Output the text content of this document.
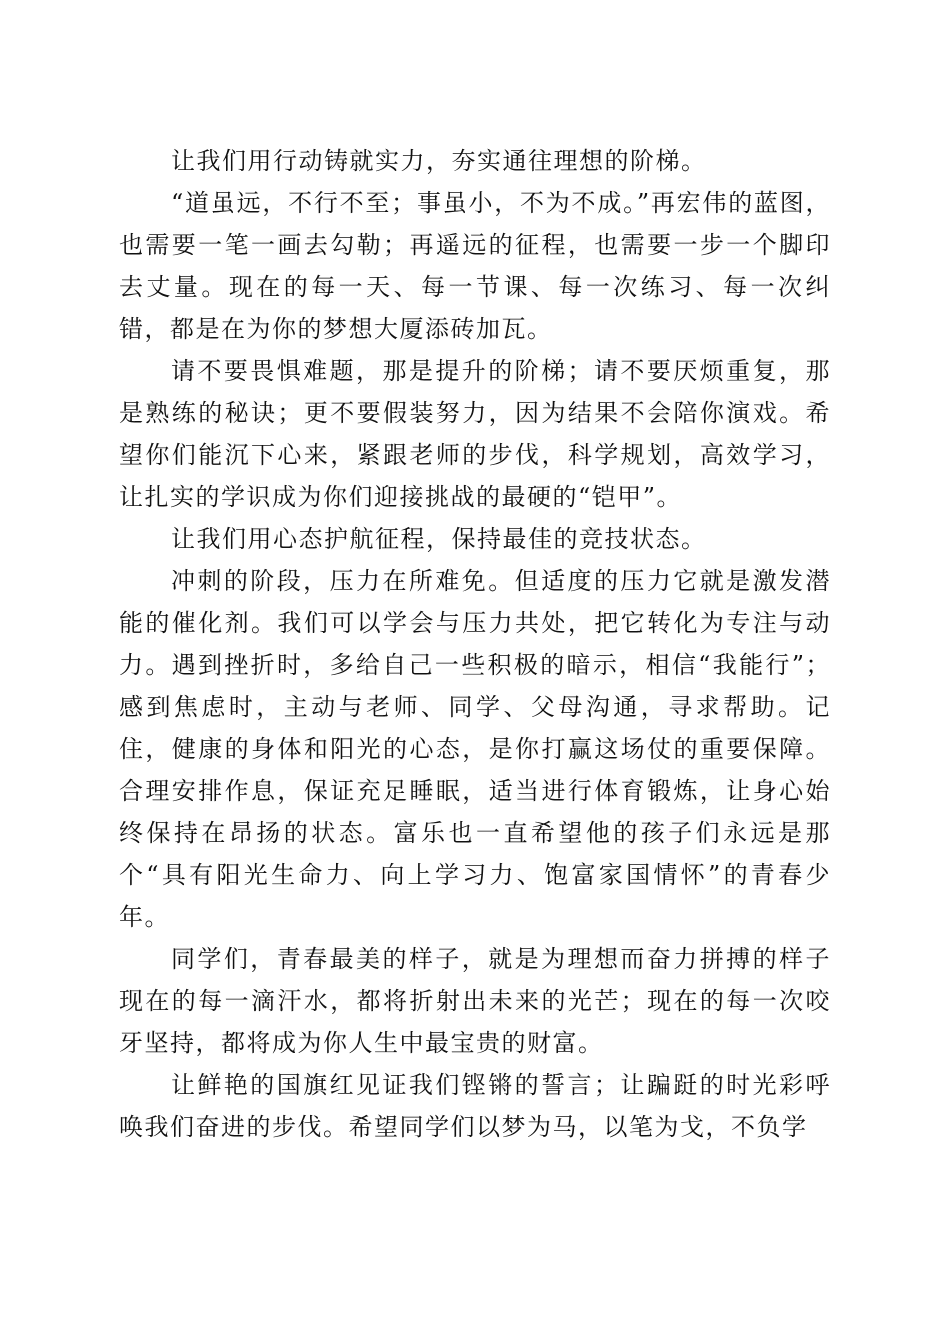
让我们用行动铸就实力，夯实通往理想的阶梯。

“道虽远，不行不至；事虽小，不为不成。”再宏伟的蓝图，也需要一笔一画去勾勒；再遥远的征程，也需要一步一个脚印去丈量。现在的每一天、每一节课、每一次练习、每一次纠错，都是在为你的梦想大厦添砖加瓦。

请不要畏惧难题，那是提升的阶梯；请不要厌烦重复，那是熟练的秘诀；更不要假装努力，因为结果不会陪你演戏。希望你们能沉下心来，紧跟老师的步伐，科学规划，高效学习，让扎实的学识成为你们迎接挑战的最硬的“铠甲”。

让我们用心态护航征程，保持最佳的竞技状态。

冲刺的阶段，压力在所难免。但适度的压力它就是激发潜能的催化剂。我们可以学会与压力共处，把它转化为专注与动力。遇到挫折时，多给自己一些积极的暗示，相信“我能行”；感到焦虑时，主动与老师、同学、父母沟通，寻求帮助。记住，健康的身体和阳光的心态，是你打赢这场仗的重要保障。合理安排作息，保证充足睡眠，适当进行体育锻炼，让身心始终保持在昂扬的状态。富乐也一直希望他的孩子们永远是那个“具有阳光生命力、向上学习力、饱富家国情怀”的青春少年。

同学们，青春最美的样子，就是为理想而奋力拼搏的样子现在的每一滴汗水，都将折射出未来的光芒；现在的每一次咬牙坚持，都将成为你人生中最宝贵的财富。

让鲜艳的国旗红见证我们铿锵的誓言；让蹁跹的时光彩呼唤我们奋进的步伐。希望同学们以梦为马，以笔为戈，不负学
